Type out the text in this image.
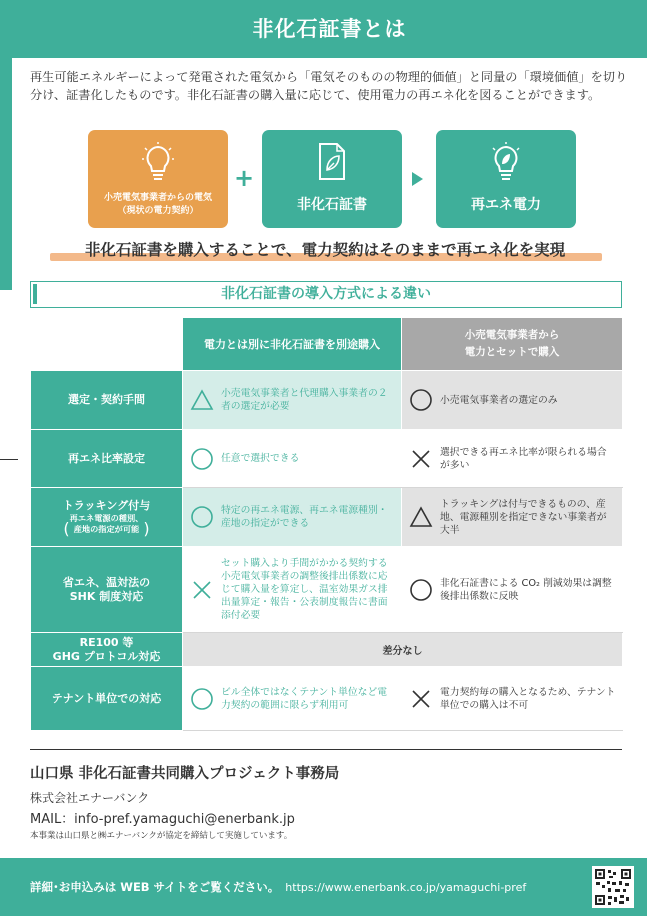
非化石証書とは

再生可能エネルギーによって発電された電気から「電気そのものの物理的価値」と同量の「環境価値」を切り分け、証書化したものです。非化石証書の購入量に応じて、使用電力の再エネ化を図ることができます。

小売電気事業者からの電気
（現状の電力契約）
+
非化石証書	再エネ電力
非化石証書を購入することで、電力契約はそのままで再エネ化を実現
非化石証書の導入方式による違い
	電力とは別に非化石証書を別途購入	小売電気事業者から
電力とセットで購入

選定・契約手間	小売電気事業者と代理購入事業者の２者の選定が必要	小売電気事業者の選定のみ

再エネ比率設定	任意で選択できる	選択できる再エネ比率が限られる場合が多い

トラッキング付与
(再エネ電源の種別、
産地の指定が可能 )	特定の再エネ電源、再エネ電源種別・産地の指定ができる	トラッキングは付与できるものの、産地、電源種別を指定できない事業者が大半

省エネ、温対法の
SHK 制度対応	セット購入より手間がかかる契約する小売電気事業者の調整後排出係数に応じて購入量を算定し、温室効果ガス排出量算定・報告・公表制度報告に書面添付必要	非化石証書による CO₂ 削減効果は調整後排出係数に反映

RE100 等
GHG プロトコル対応	差分なし	
テナント単位での対応	ビル全体ではなくテナント単位など電力契約の範囲に限らず利用可	電力契約毎の購入となるため、テナント単位での購入は不可
山口県 非化石証書共同購入プロジェクト事務局
株式会社エナーバンク
MAIL：info-pref.yamaguchi@enerbank.jp
本事業は山口県と㈱エナーバンクが協定を締結して実施しています。
詳細･お申込みは WEB サイトをご覧ください。 https://www.enerbank.co.jp/yamaguchi-pref
